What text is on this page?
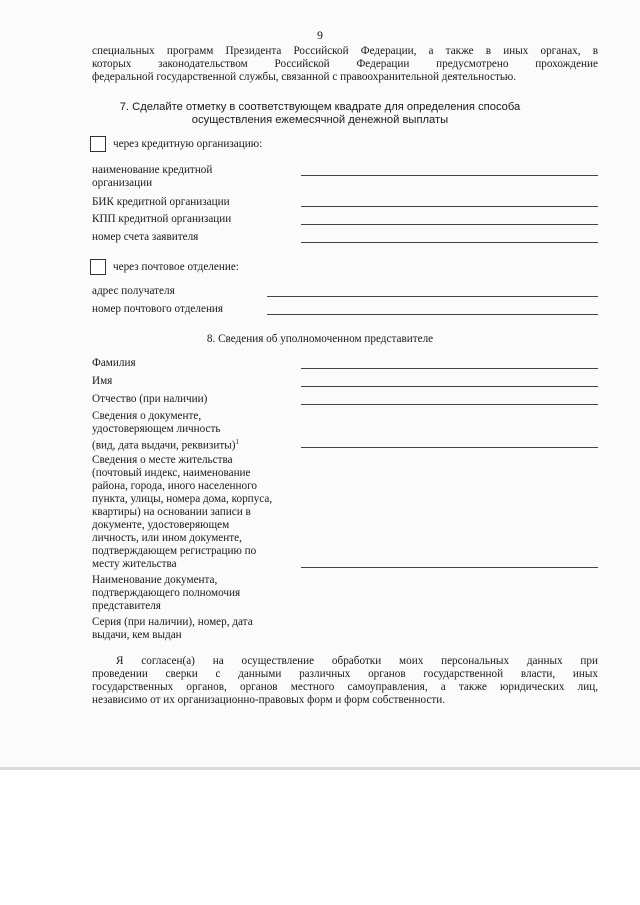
9
специальных программ Президента Российской Федерации, а также в иных органах, в
которых законодательством Российской Федерации предусмотрено прохождение
федеральной государственной службы, связанной с правоохранительной деятельностью.
7. Сделайте отметку в соответствующем квадрате для определения способа
осуществления ежемесячной денежной выплаты
через кредитную организацию:
наименование кредитной
организации
БИК кредитной организации
КПП кредитной организации
номер счета заявителя
через почтовое отделение:
адрес получателя
номер почтового отделения
8. Сведения об уполномоченном представителе
Фамилия
Имя
Отчество (при наличии)
Сведения о документе,
удостоверяющем личность
(вид, дата выдачи, реквизиты)$^1$
Сведения о месте жительства
(почтовый индекс, наименование
района, города, иного населенного
пункта, улицы, номера дома, корпуса,
квартиры) на основании записи в
документе, удостоверяющем
личность, или ином документе,
подтверждающем регистрацию по
месту жительства
Наименование документа,
подтверждающего полномочия
представителя
Серия (при наличии), номер, дата
выдачи, кем выдан
Я согласен(а) на осуществление обработки моих персональных данных при
проведении сверки с данными различных органов государственной власти, иных
государственных органов, органов местного самоуправления, а также юридических лиц,
независимо от их организационно-правовых форм и форм собственности.
